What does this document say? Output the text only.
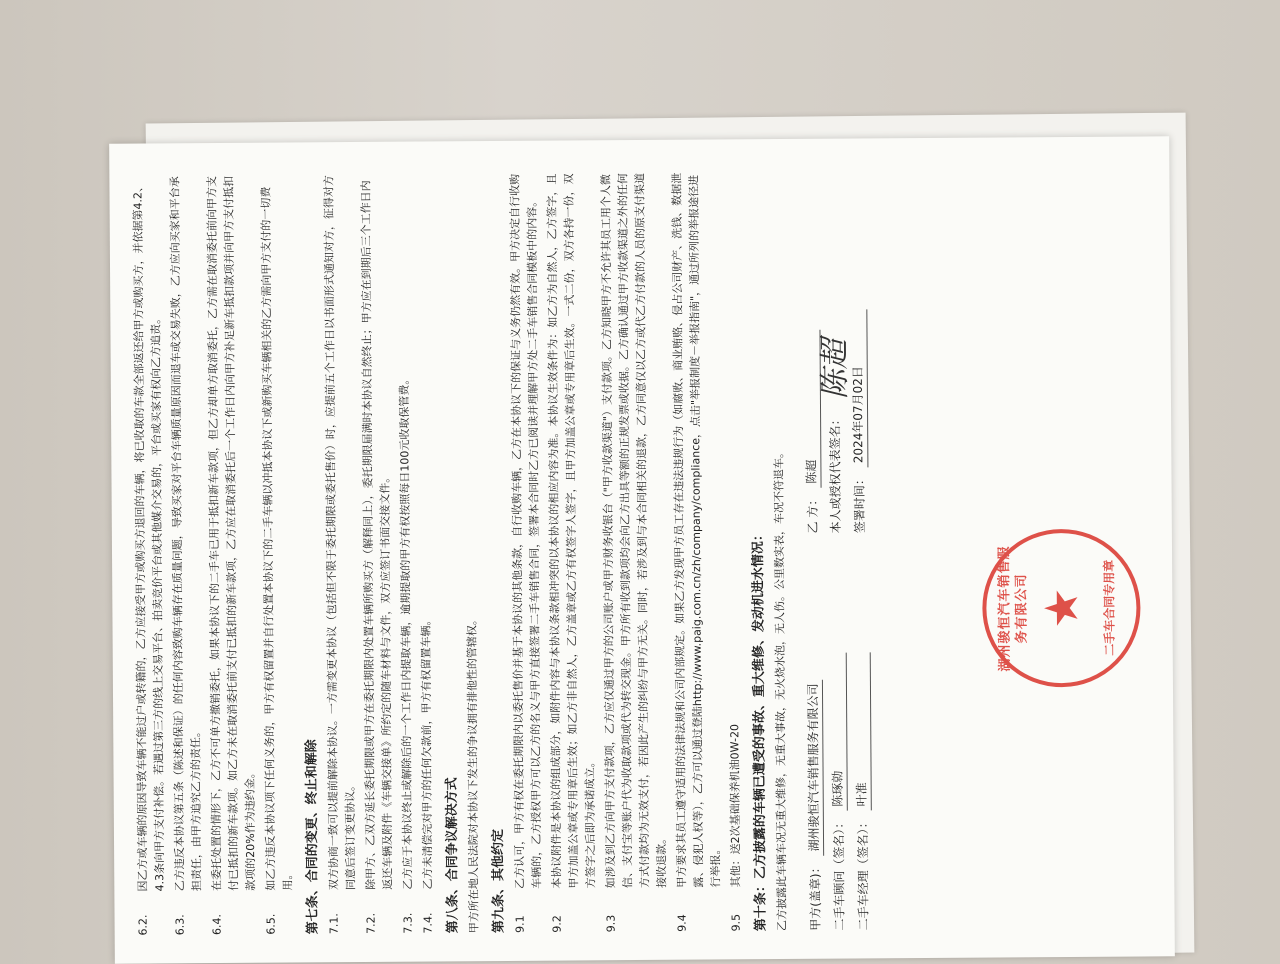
6.2.
因乙方或车辆的原因导致车辆不能过户或转籍的，乙方应接受甲方或购买方退回的车辆，将已收取的车款全部返还给甲方或购买方，并依据第4.2、4.3条向甲方支付补偿。若遇过第三方的线上交易平台、拍卖竞价平台或其他媒介交易的，平台或买家有权向乙方追责。
6.3.
乙方违反本协议第五条（陈述和保证）的任何内容致购车辆存在质量问题，导致买家对平台车辆质量原因而退车或交易失败，乙方应向买家和平台承担责任，由甲方追究乙方的责任。
6.4.
在委托处置的情形下，乙方不可单方撤销委托，如果本协议下的二手车已用于抵扣新车款项，但乙方却单方取消委托，乙方需在取消委托前向甲方支付已抵扣的新车款项。如乙方未在取消委托前支付已抵扣的新车款项，乙方应在取消委托后一个工作日内向甲方补足新车抵扣款项并向甲方支付抵扣款项的20%作为违约金。
6.5.
如乙方违反本协议项下任何义务的，甲方有权留置并自行处置本协议下的二手车辆以冲抵本协议下或新购买车辆相关的乙方需向甲方支付的一切费用。 第七条、合同的变更、终止和解除 7.1.
双方协商一致可以提前解除本协议。一方需变更本协议（包括但不限于委托期限或委托售价）时，应提前五个工作日以书面形式通知对方，征得对方同意后签订变更协议。
7.2.
除甲方、乙双方延长委托期限或甲方在委托期限内处置车辆所购买方（解释同上），委托期限届满时本协议自然终止；甲方应在到期后三个工作日内返还车辆及附件《车辆交接单》所约定的随车材料与文件，双方应签订书面交接文件。
7.3.
乙方应于本协议终止或解除后的一个工作日内提取车辆，逾期提取的甲方有权按照每日100元收取保管费。
7.4.
乙方未清偿完对甲方的任何欠款前，甲方有权留置车辆。 第八条、合同争议解决方式 甲方所在地人民法院对本协议下发生的争议拥有排他性的管辖权。 第九条、其他约定 9.1
乙方认可，甲方有权在委托期限内以委托售价并基于本协议的其他条款，自行收购车辆，乙方在本协议下的保证与义务仍然有效。甲方决定自行收购车辆的，乙方授权甲方可以乙方的名义与甲方直接签署二手车销售合同，签署本合同时乙方已阅读并理解甲方处二手车销售合同模板中的内容。
9.2
本协议附件是本协议的组成部分，如附件内容与本协议条款相冲突的以本协议的相应内容为准。本协议生效条件为：如乙方为自然人，乙方签字，且甲方加盖公章或专用章后生效；如乙方非自然人，乙方盖章或乙方有权签字人签字，且甲方加盖公章或专用章后生效。一式二份，双方各持一份，双方签字之后即为承诺成立。
9.3
如涉及到乙方向甲方支付款项，乙方应仅通过甲方的公司账户或甲方财务收银台（"甲方收款渠道"）支付款项。乙方知晓甲方不允许其员工用个人微信、支付宝等账户代为收取款项或代为转交现金。甲方所有收到款项均会向乙方出具等额的正规发票或收据。乙方确认通过甲方收款渠道之外的任何方式付款均为无效支付，若因此产生的纠纷与甲方无关。同时，若涉及到与本合同相关的退款，乙方同意仅以乙方或代乙方付款的人员的原支付渠道接收退款。
9.4
甲方要求其员工遵守适用的法律法规和公司内部规定。如果乙方发现甲方员工存在违法违规行为（如腐败、商业贿赂、侵占公司财产、洗钱、数据泄露、侵犯人权等），乙方可以通过登陆http://www.paig.com.cn/zh/company/compliance，点击"举报制度－举报指南"，通过所列的举报途径进行举报。
9.5
其他：送2次基础保养机油0W-20 第十条：乙方披露的车辆已遭受的事故、重大维修、发动机进水情况： 乙方披露此车辆车况无重大维修，无重大事故，无火烧水泡，无人伤。公里数实表，车况不符退车。 甲方(盖章)：
湖州骏恒汽车销售服务有限公司
二手车顾问（签名）：
陈琢勍
二手车经理（签名）：
叶准
乙 方：
陈超 本人或授权代表签名：
陈超
签署时间：
2024年07月02日
湖州骏恒汽车销售服务有限公司 ★ 二手车合同专用章
